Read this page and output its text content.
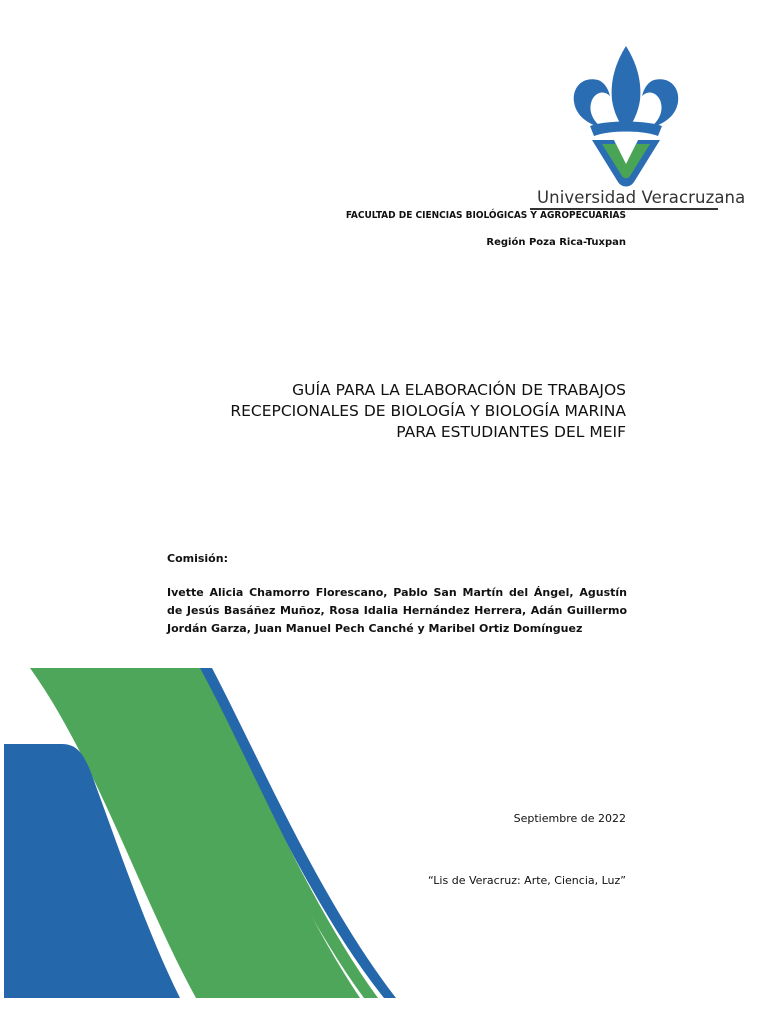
Universidad Veracruzana
FACULTAD DE CIENCIAS BIOLÓGICAS Y AGROPECUARIAS
Región Poza Rica-Tuxpan
GUÍA PARA LA ELABORACIÓN DE TRABAJOS
RECEPCIONALES DE BIOLOGÍA Y BIOLOGÍA MARINA
PARA ESTUDIANTES DEL MEIF
Comisión:
Ivette Alicia Chamorro Florescano, Pablo San Martín del Ángel, Agustín de Jesús Basáñez Muñoz, Rosa Idalia Hernández Herrera, Adán Guillermo Jordán Garza, Juan Manuel Pech Canché y Maribel Ortiz Domínguez
Septiembre de 2022
“Lis de Veracruz: Arte, Ciencia, Luz”
